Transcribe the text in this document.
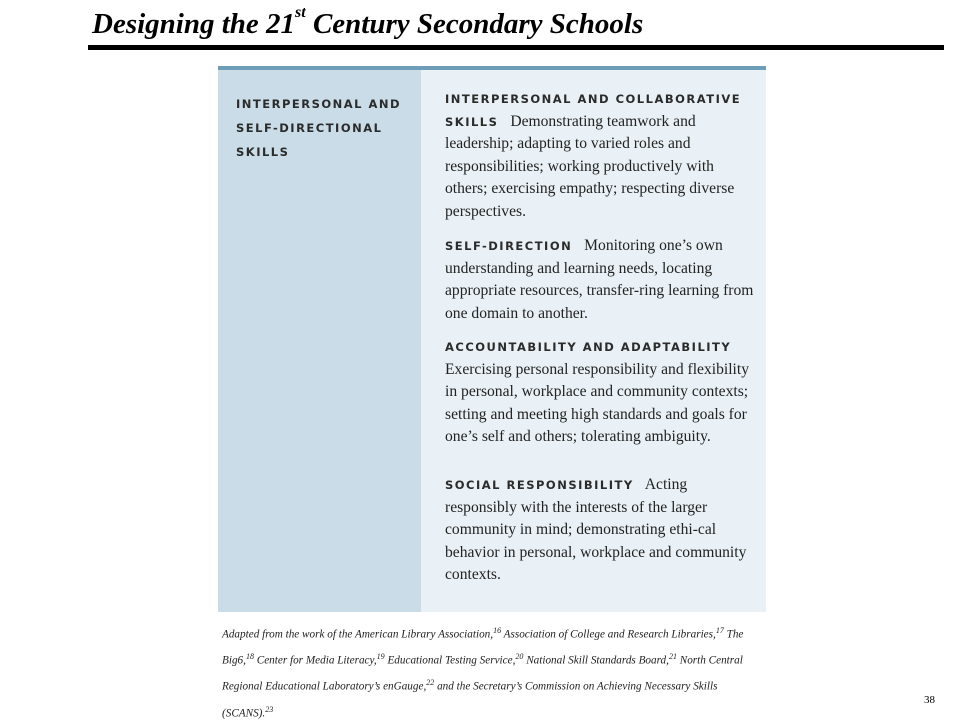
Designing the 21st Century Secondary Schools
INTERPERSONAL AND SELF-DIRECTIONAL SKILLS
INTERPERSONAL AND COLLABORATIVE SKILLS Demonstrating teamwork and leadership; adapting to varied roles and responsibilities; working productively with others; exercising empathy; respecting diverse perspectives.
SELF-DIRECTION Monitoring one’s own understanding and learning needs, locating appropriate resources, transfer-ring learning from one domain to another.
ACCOUNTABILITY AND ADAPTABILITY Exercising personal responsibility and flexibility in personal, workplace and community contexts; setting and meeting high standards and goals for one’s self and others; tolerating ambiguity.
SOCIAL RESPONSIBILITY Acting responsibly with the interests of the larger community in mind; demonstrating ethi-cal behavior in personal, workplace and community contexts.
Adapted from the work of the American Library Association,$^{16}$ Association of College and Research Libraries,$^{17}$ The Big6,18 Center for Media Literacy,$^{19}$ Educational Testing Service,$^{20}$ National Skill Standards Board,$^{21}$ North Central Regional Educational Laboratory’s enGauge,$^{22}$ and the Secretary’s Commission on Achieving Necessary Skills (SCANS).$^{23}$
38
